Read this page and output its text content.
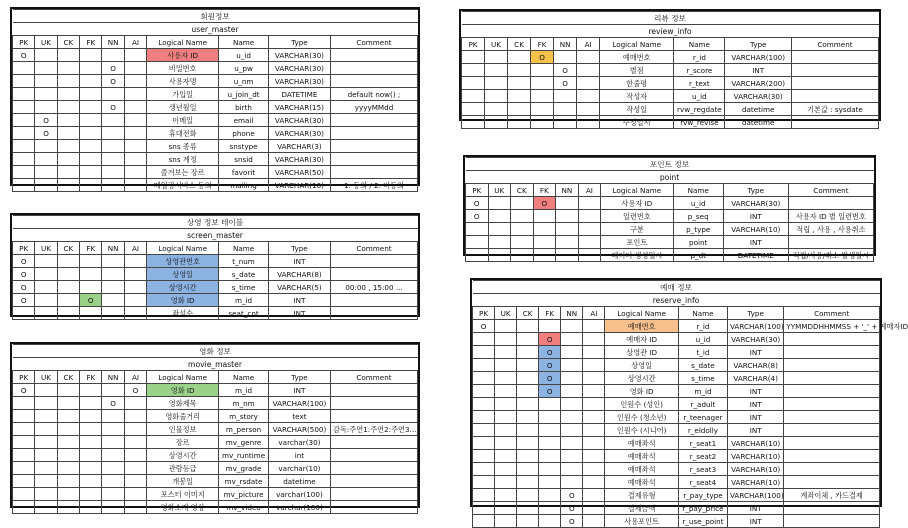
회원정보									
user_master									
PK	UK	CK	FK	NN	AI	Logical Name	Name	Type	Comment
O						사용자 ID	u_id	VARCHAR(30)	
				O		비밀번호	u_pw	VARCHAR(30)	
				O		사용자명	u_nm	VARCHAR(30)	
						가입일	u_join_dt	DATETIME	default now() ;
				O		생년월일	birth	VARCHAR(15)	yyyyMMdd
	O					이메일	email	VARCHAR(30)	
	O					휴대전화	phone	VARCHAR(30)	
						sns 종류	snstype	VARCHAR(3)	
						sns 계정	snsid	VARCHAR(30)	
						즐겨보는 장르	favorit	VARCHAR(50)	
						메일링서비스 동의	mailing	VARCHAR(10)	1. 동의 / 2. 비동의
상영 정보 테이블									
screen_master									
PK	UK	CK	FK	NN	AI	Logical Name	Name	Type	Comment
O						상영관번호	t_num	INT	
O						상영일	s_date	VARCHAR(8)	
O						상영시간	s_time	VARCHAR(5)	00:00 , 15:00 ...
O			O			영화 ID	m_id	INT	
						좌석수	seat_cnt	INT	
영화 정보									
movie_master									
PK	UK	CK	FK	NN	AI	Logical Name	Name	Type	Comment
O					O	영화 ID	m_id	INT	
				O		영화제목	m_nm	VARCHAR(100)	
						영화줄거리	m_story	text	
						인물정보	m_person	VARCHAR(500)	감독:주연1:주연2:주연3...
						장르	mv_genre	varchar(30)	
						상영시간	mv_runtime	int	
						관람등급	mv_grade	varchar(10)	
						개봉일	mv_rsdate	datetime	
						포스터 이미지	mv_picture	varchar(100)	
						영화소개 영상	mv_video	varchar(100)	
리뷰 정보									
review_info									
PK	UK	CK	FK	NN	AI	Logical Name	Name	Type	Comment
			O			예매번호	r_id	VARCHAR(100)	
				O		별점	r_score	INT	
				O		한줄평	r_text	VARCHAR(200)	
						작성자	u_id	VARCHAR(30)	
						작성일	rvw_regdate	datetime	기본값 : sysdate
						수정일시	rvw_revise	datetime	
포인트 정보									
point									
PK	UK	CK	FK	NN	AI	Logical Name	Name	Type	Comment
O			O			사용자 ID	u_id	VARCHAR(30)	
O						일련번호	p_seq	INT	사용자 ID 별 일련번호
						구분	p_type	VARCHAR(10)	적립 , 사용 , 사용취소
						포인트	point	INT	
						데이터 생성일시	p_dt	DATETIME	적립/사용/취소 발생일시
예매 정보									
reserve_info									
PK	UK	CK	FK	NN	AI	Logical Name	Name	Type	Comment
O						예매번호	r_id	VARCHAR(100)	YYMMDDHHMMSS + '_' + 예매자ID
			O			예매자 ID	u_id	VARCHAR(30)	
			O			상영관 ID	t_id	INT	
			O			상영일	s_date	VARCHAR(8)	
			O			상영시간	s_time	VARCHAR(4)	
			O			영화 ID	m_id	INT	
						인원수 (성인)	r_adult	INT	
						인원수 (청소년)	r_teenager	INT	
						인원수 (시니어)	r_eldolly	INT	
						예매좌석	r_seat1	VARCHAR(10)	
						예매좌석	r_seat2	VARCHAR(10)	
						예매좌석	r_seat3	VARCHAR(10)	
						예매좌석	r_seat4	VARCHAR(10)	
				O		결제유형	r_pay_type	VARCHAR(100)	계좌이체 , 카드결제
				O		결제금액	r_pay_price	INT	
				O		사용포인트	r_use_point	INT	
